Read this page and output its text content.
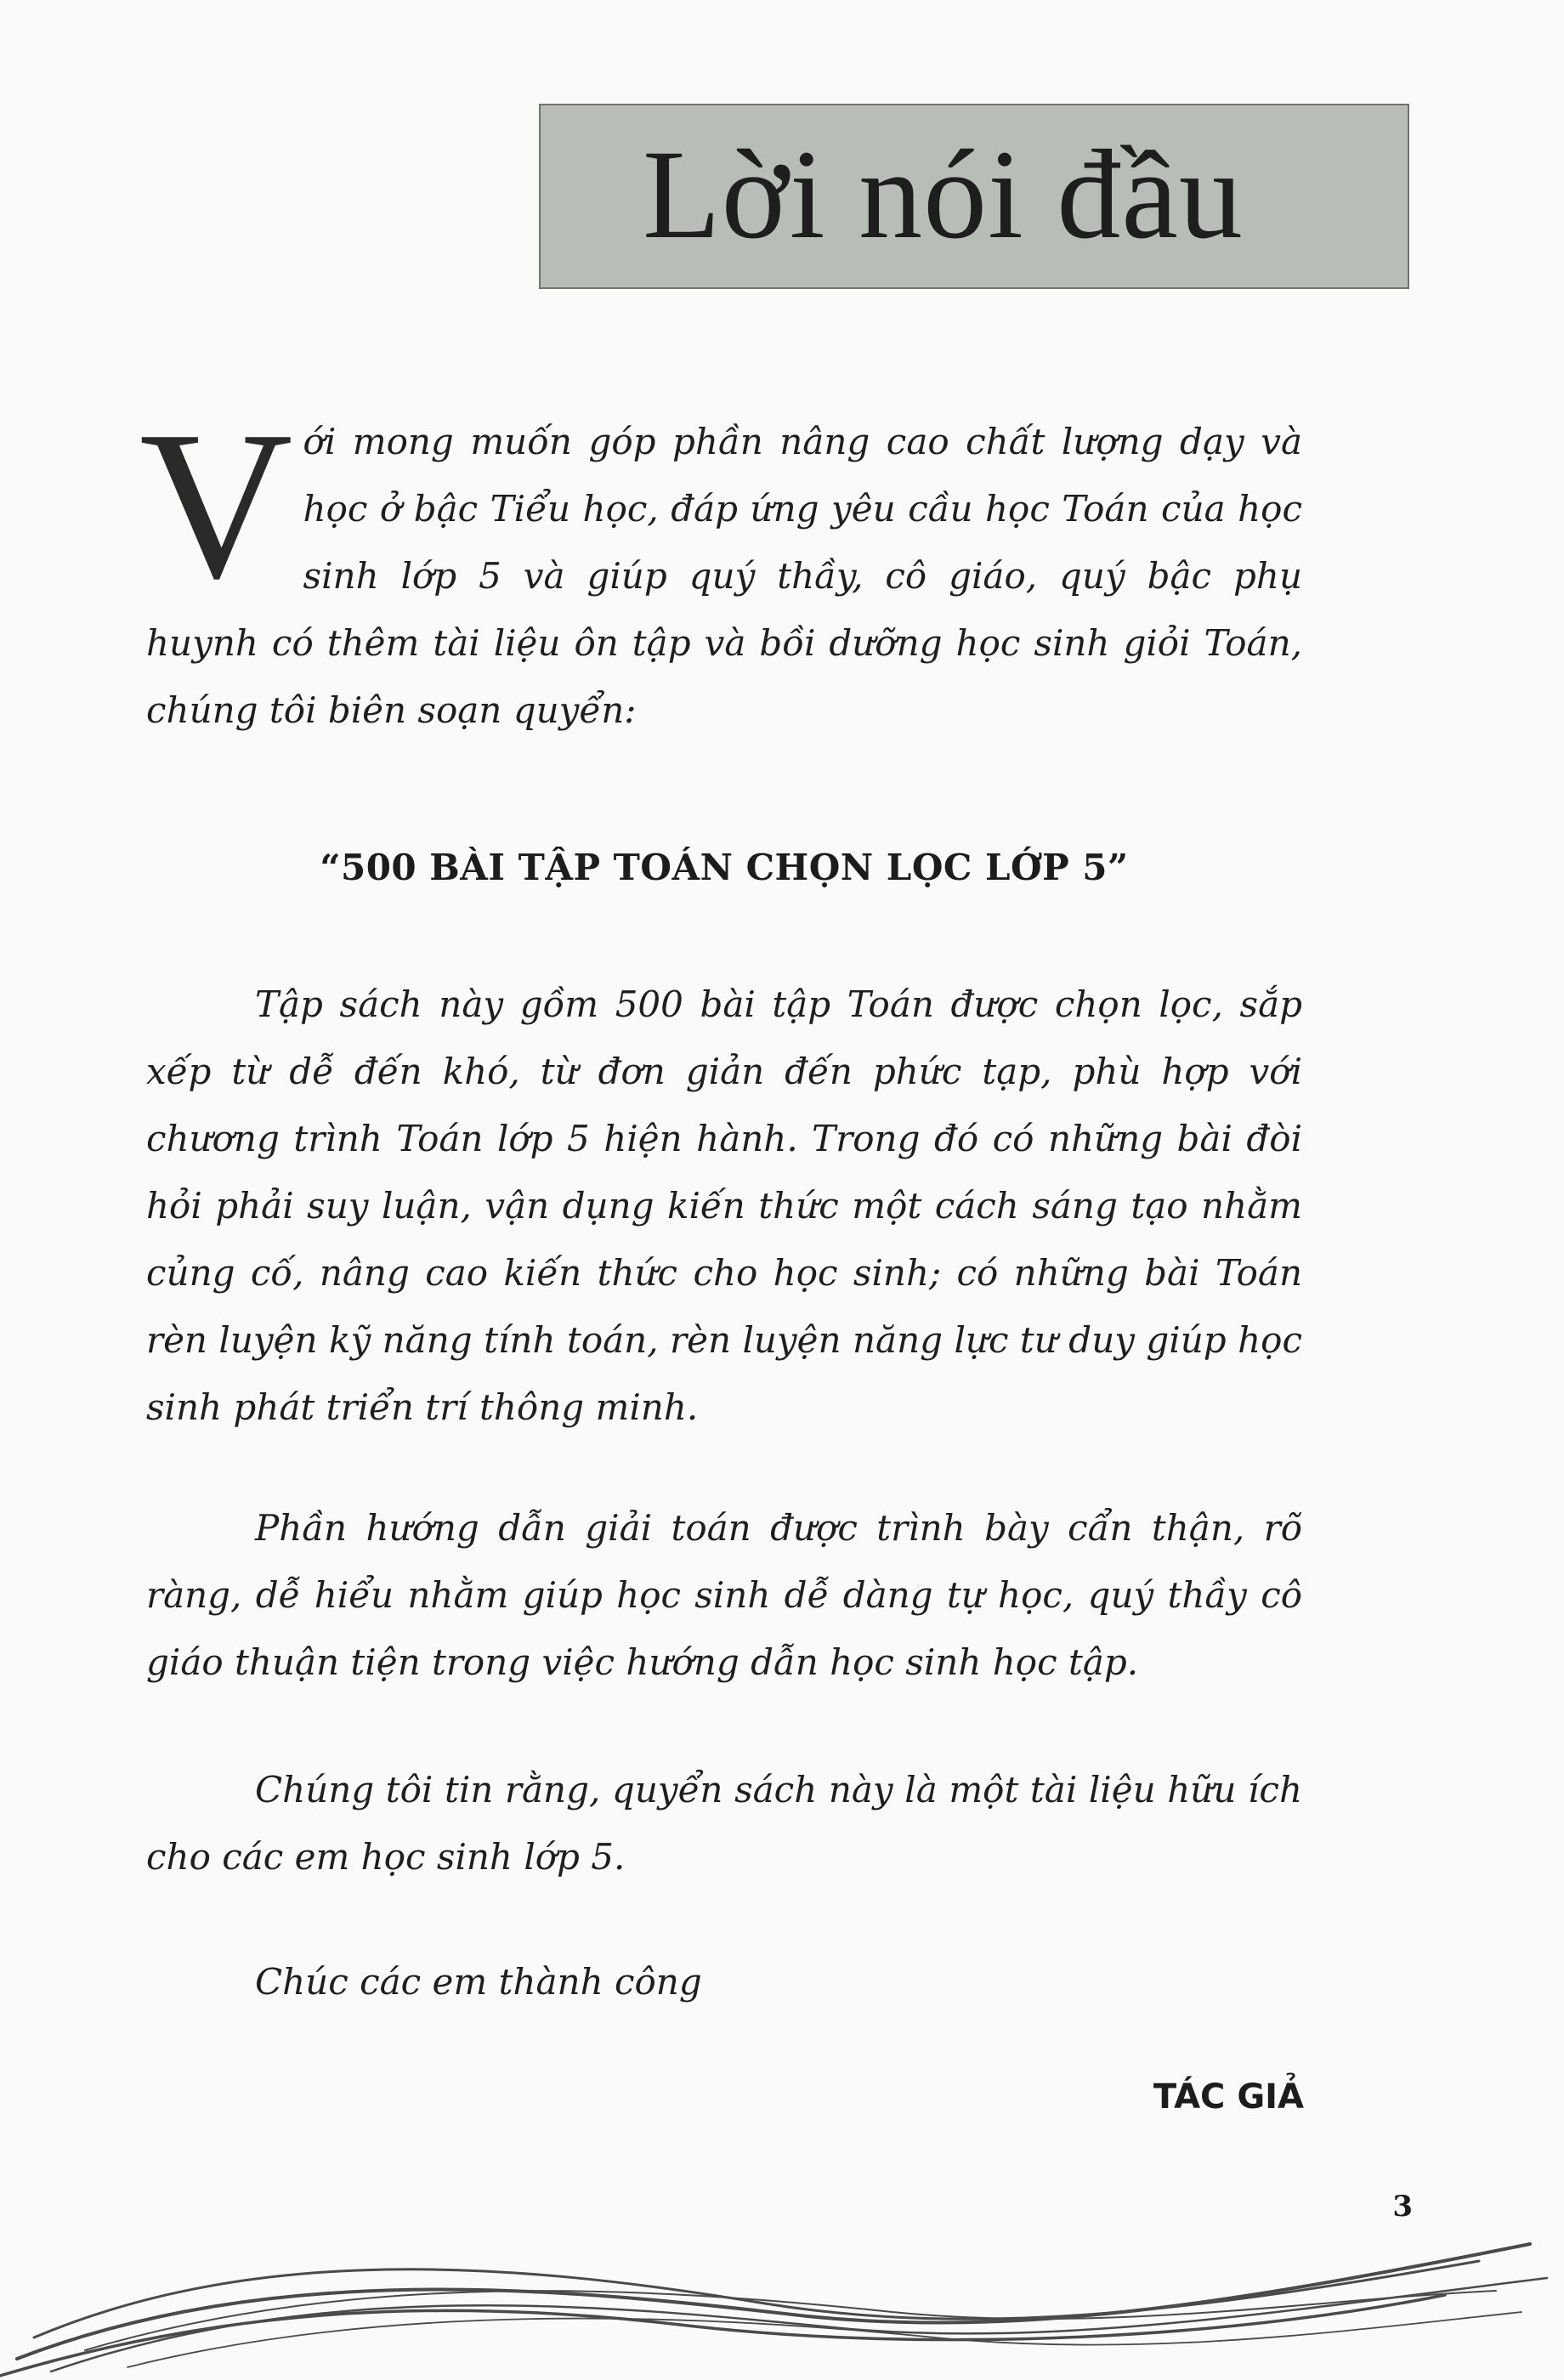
Lời nói đầu
Với mong muốn góp phần nâng cao chất lượng dạy và học ở bậc Tiểu học, đáp ứng yêu cầu học Toán của học sinh lớp 5 và giúp quý thầy, cô giáo, quý bậc phụ huynh có thêm tài liệu ôn tập và bồi dưỡng học sinh giỏi Toán, chúng tôi biên soạn quyển:
“500 BÀI TẬP TOÁN CHỌN LỌC LỚP 5”
Tập sách này gồm 500 bài tập Toán được chọn lọc, sắp xếp từ dễ đến khó, từ đơn giản đến phức tạp, phù hợp với chương trình Toán lớp 5 hiện hành. Trong đó có những bài đòi hỏi phải suy luận, vận dụng kiến thức một cách sáng tạo nhằm củng cố, nâng cao kiến thức cho học sinh; có những bài Toán rèn luyện kỹ năng tính toán, rèn luyện năng lực tư duy giúp học sinh phát triển trí thông minh.
Phần hướng dẫn giải toán được trình bày cẩn thận, rõ ràng, dễ hiểu nhằm giúp học sinh dễ dàng tự học, quý thầy cô giáo thuận tiện trong việc hướng dẫn học sinh học tập.
Chúng tôi tin rằng, quyển sách này là một tài liệu hữu ích cho các em học sinh lớp 5.
Chúc các em thành công
TÁC GIẢ
3
